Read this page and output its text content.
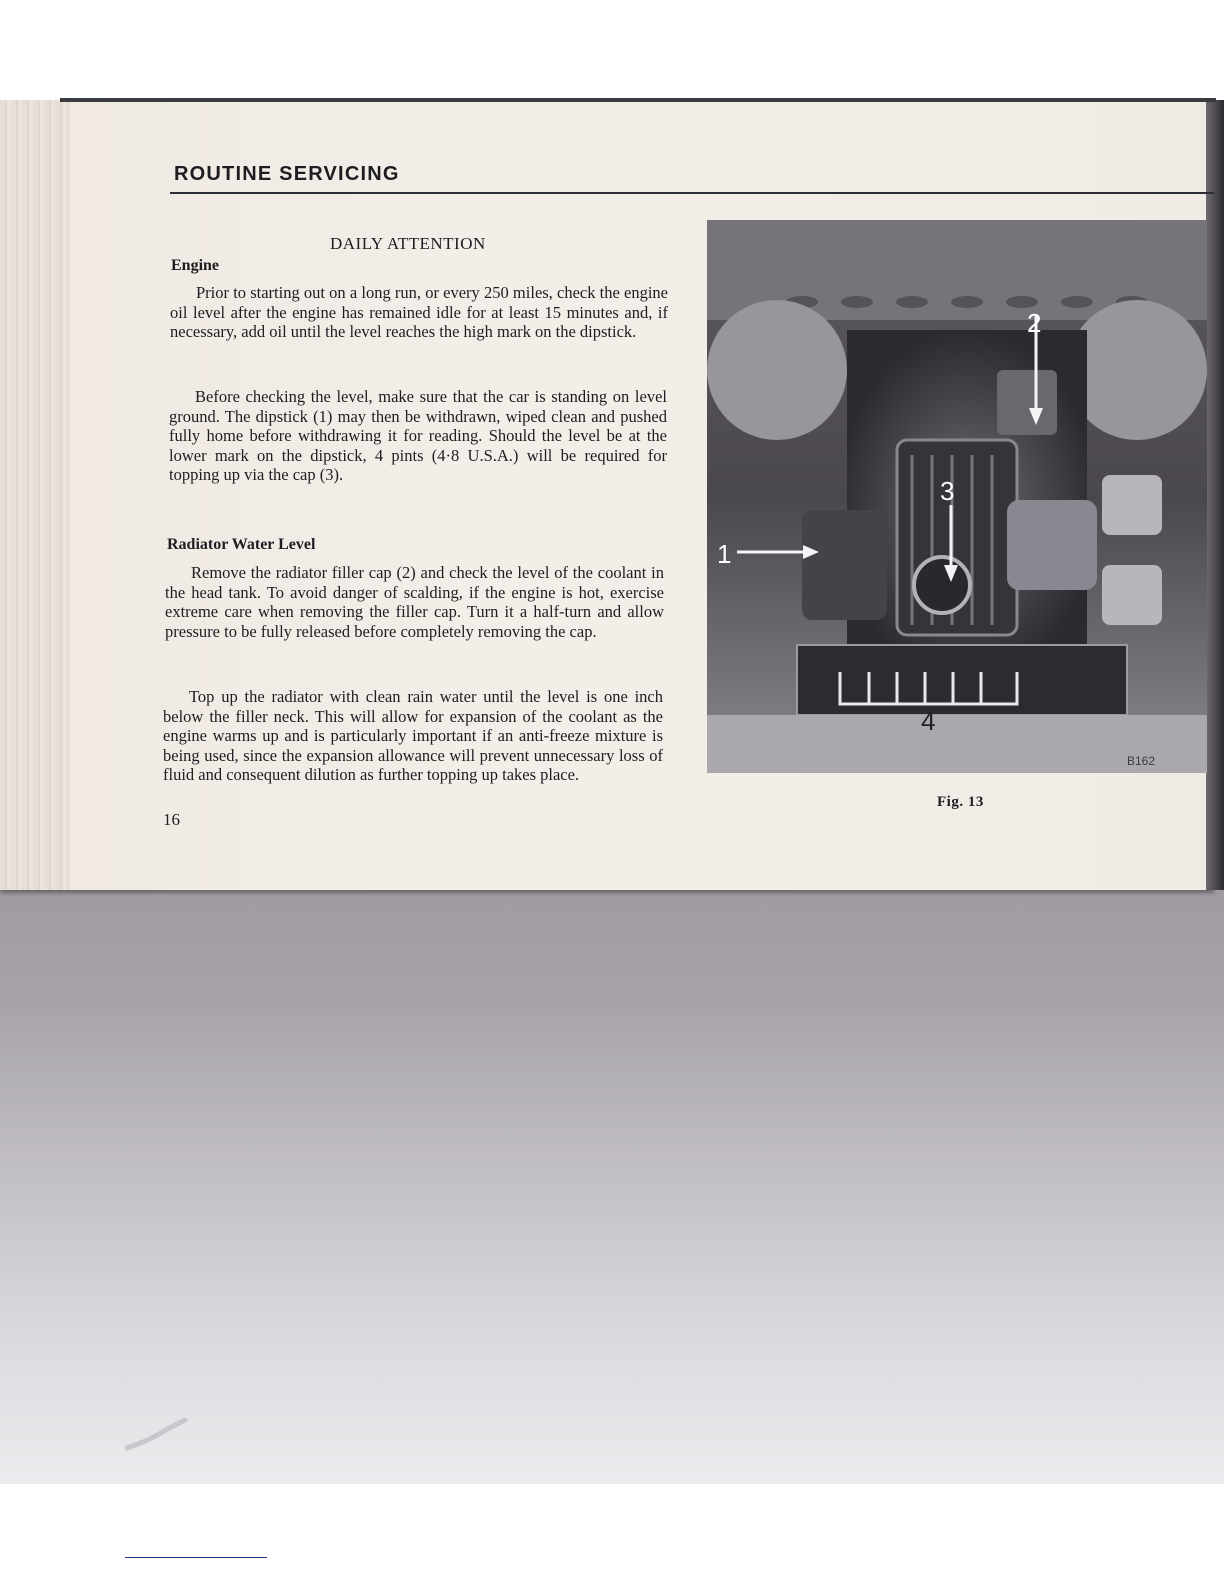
ROUTINE SERVICING
DAILY ATTENTION
Engine
Prior to starting out on a long run, or every 250 miles, check the engine oil level after the engine has remained idle for at least 15 minutes and, if necessary, add oil until the level reaches the high mark on the dipstick.
Before checking the level, make sure that the car is standing on level ground. The dipstick (1) may then be withdrawn, wiped clean and pushed fully home before withdrawing it for reading. Should the level be at the lower mark on the dipstick, 4 pints (4·8 U.S.A.) will be required for topping up via the cap (3).
Radiator Water Level
Remove the radiator filler cap (2) and check the level of the coolant in the head tank. To avoid danger of scalding, if the engine is hot, exercise extreme care when removing the filler cap. Turn it a half-turn and allow pressure to be fully released before completely removing the cap.
Top up the radiator with clean rain water until the level is one inch below the filler neck. This will allow for expansion of the coolant as the engine warms up and is particularly important if an anti-freeze mixture is being used, since the expansion allowance will prevent unnecessary loss of fluid and consequent dilution as further topping up takes place.
16
1
2
3
4
B162
Fig. 13
